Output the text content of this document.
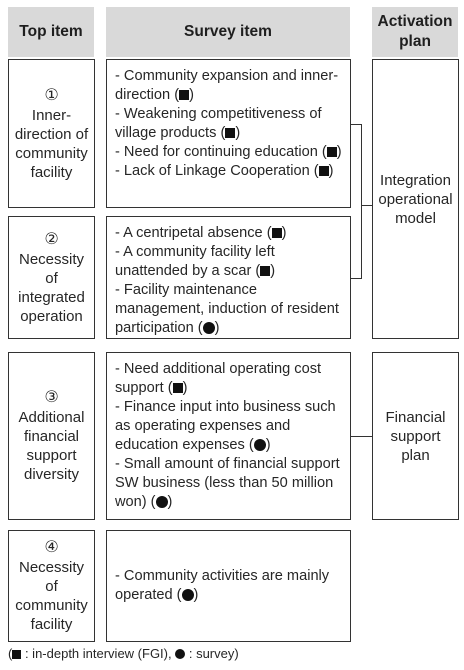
Top item	Survey item
Activation plan
①
Inner-direction of community facility
- Community expansion and inner-direction ( )
- Weakening competitiveness of village products ( )
- Need for continuing education ( )
- Lack of Linkage Cooperation ( )
②
Necessity of integrated operation
- A centripetal absence ( )
- A community facility left unattended by a scar ( )
- Facility maintenance management, induction of resident participation ( )
③
Additional financial support diversity
- Need additional operating cost support ( )
- Finance input into business such as operating expenses and education expenses ( )
- Small amount of financial support SW business (less than 50 million won) ( )
④
Necessity of community facility
- Community activities are mainly operated ( )
Integration operational model
Financial support plan
( : in-depth interview (FGI),  : survey)
